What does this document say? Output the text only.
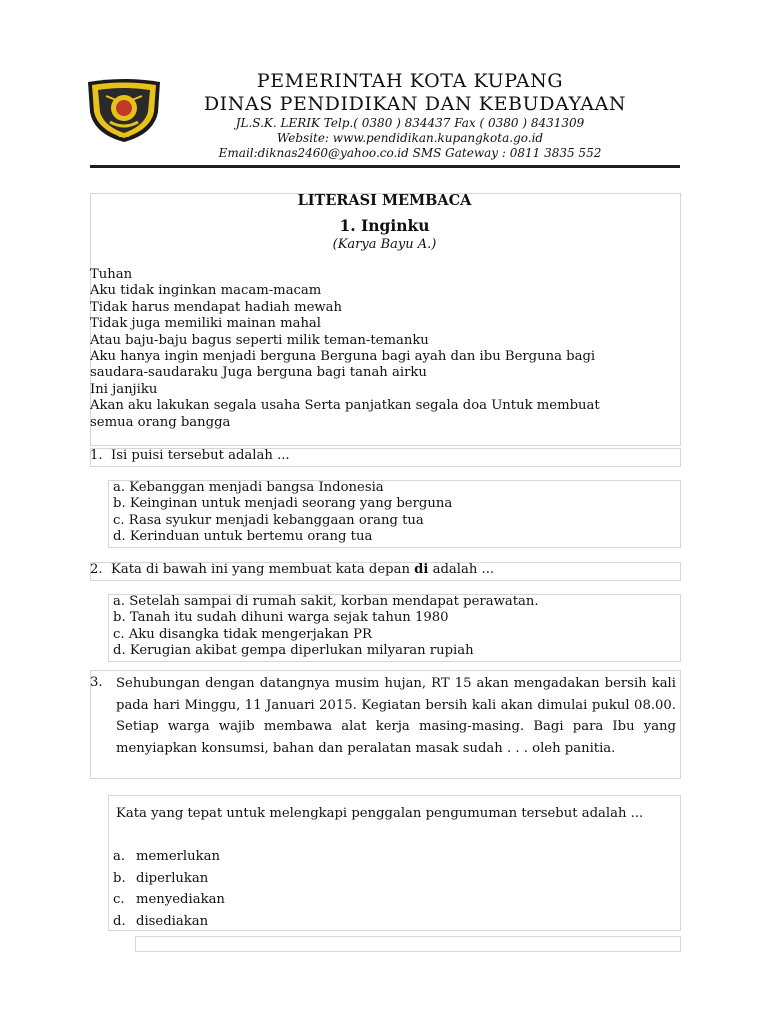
PEMERINTAH KOTA KUPANG
DINAS PENDIDIKAN DAN KEBUDAYAAN
JL.S.K. LERIK Telp.( 0380 ) 834437 Fax ( 0380 ) 8431309
Website: www.pendidikan.kupangkota.go.id
Email:diknas2460@yahoo.co.id SMS Gateway : 0811 3835 552
LITERASI MEMBACA
1. Inginku
(Karya Bayu A.)
Tuhan
Aku tidak inginkan macam-macam
Tidak harus mendapat hadiah mewah
Tidak juga memiliki mainan mahal
Atau baju-baju bagus seperti milik teman-temanku
Aku hanya ingin menjadi berguna Berguna bagi ayah dan ibu Berguna bagi
saudara-saudaraku Juga berguna bagi tanah airku
Ini janjiku
Akan aku lakukan segala usaha Serta panjatkan segala doa Untuk membuat
semua orang bangga
1. Isi puisi tersebut adalah ...
a. Kebanggan menjadi bangsa Indonesia
b. Keinginan untuk menjadi seorang yang berguna
c. Rasa syukur menjadi kebanggaan orang tua
d. Kerinduan untuk bertemu orang tua
2. Kata di bawah ini yang membuat kata depan di adalah ...
a. Setelah sampai di rumah sakit, korban mendapat perawatan.
b. Tanah itu sudah dihuni warga sejak tahun 1980
c. Aku disangka tidak mengerjakan PR
d. Kerugian akibat gempa diperlukan milyaran rupiah
3. Sehubungan dengan datangnya musim hujan, RT 15 akan mengadakan bersih kali pada hari Minggu, 11 Januari 2015. Kegiatan bersih kali akan dimulai pukul 08.00. Setiap warga wajib membawa alat kerja masing-masing. Bagi para Ibu yang menyiapkan konsumsi, bahan dan peralatan masak sudah . . . oleh panitia.
Kata yang tepat untuk melengkapi penggalan pengumuman tersebut adalah ...
a. memerlukan
b. diperlukan
c. menyediakan
d. disediakan
